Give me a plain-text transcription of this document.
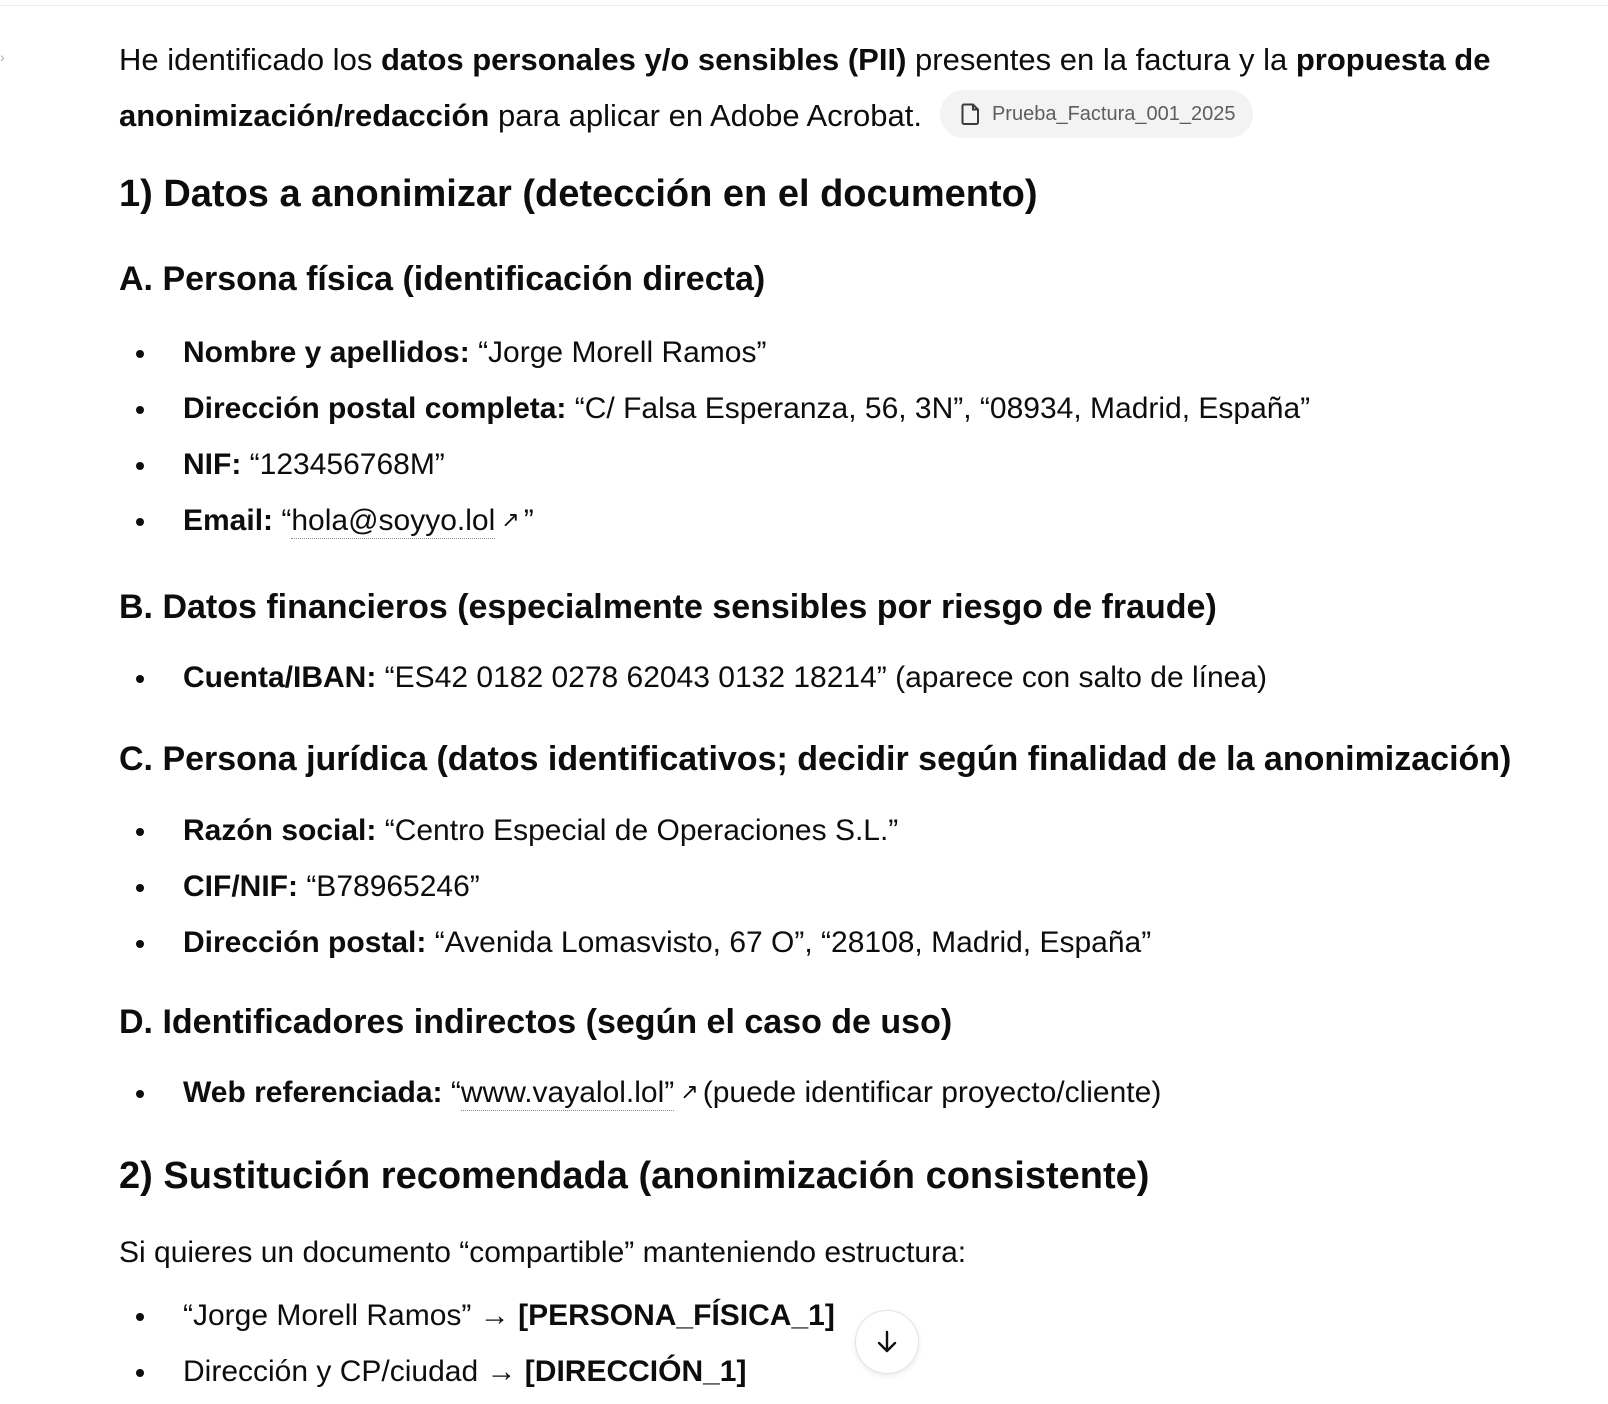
›	He identificado los datos personales y/o sensibles (PII) presentes en la factura y la propuesta de anonimización/redacción para aplicar en Adobe Acrobat.	Prueba_Factura_001_2025

1) Datos a anonimizar (detección en el documento)
A. Persona física (identificación directa)
Nombre y apellidos: “Jorge Morell Ramos”
Dirección postal completa: “C/ Falsa Esperanza, 56, 3N”, “08934, Madrid, España”
NIF: “123456768M”
Email: “hola@soyyo.lol ↗ ”
B. Datos financieros (especialmente sensibles por riesgo de fraude)
Cuenta/IBAN: “ES42 0182 0278 62043 0132 18214” (aparece con salto de línea)
C. Persona jurídica (datos identificativos; decidir según finalidad de la anonimización)
Razón social: “Centro Especial de Operaciones S.L.”
CIF/NIF: “B78965246”
Dirección postal: “Avenida Lomasvisto, 67 O”, “28108, Madrid, España”
D. Identificadores indirectos (según el caso de uso)
Web referenciada: “www.vayalol.lol” ↗ (puede identificar proyecto/cliente)
2) Sustitución recomendada (anonimización consistente)

Si quieres un documento “compartible” manteniendo estructura:

“Jorge Morell Ramos” → [PERSONA_FÍSICA_1]
Dirección y CP/ciudad → [DIRECCIÓN_1]
